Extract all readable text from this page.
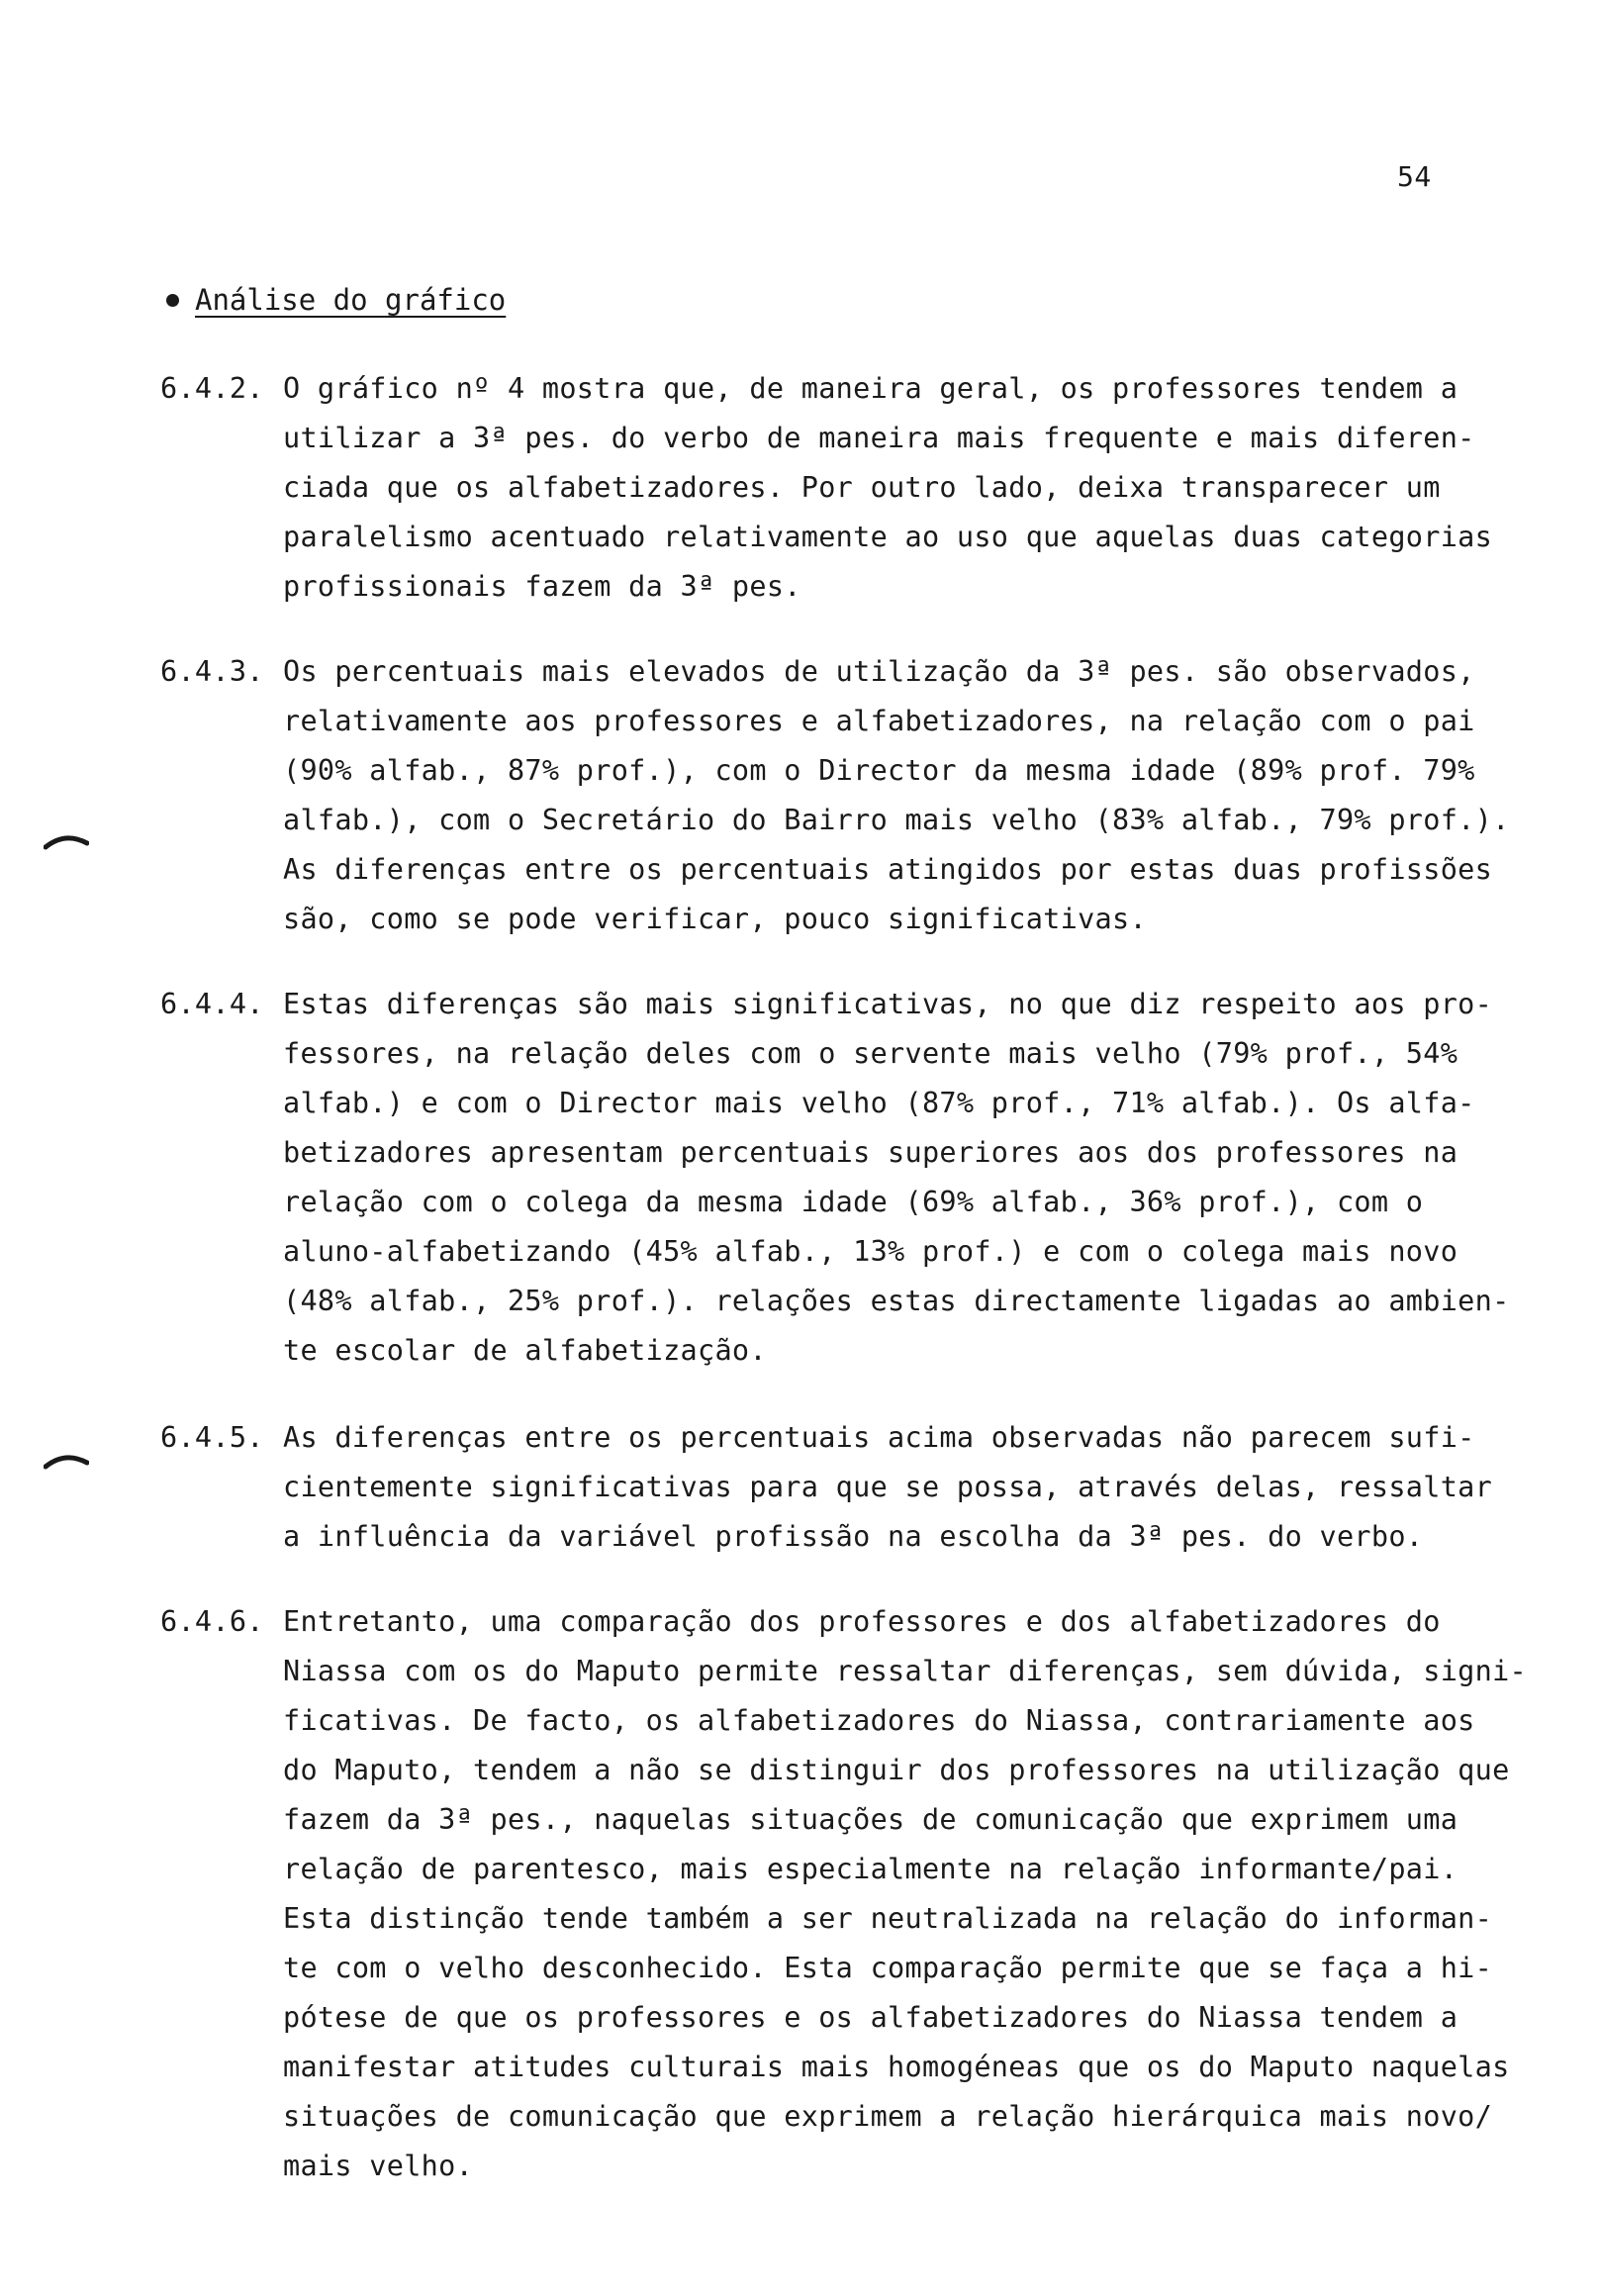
54
Análise do gráfico
6.4.2. O gráfico nº 4 mostra que, de maneira geral, os professores tendem a
utilizar a 3ª pes. do verbo de maneira mais frequente e mais diferen-
ciada que os alfabetizadores. Por outro lado, deixa transparecer um
paralelismo acentuado relativamente ao uso que aquelas duas categorias
profissionais fazem da 3ª pes.
6.4.3. Os percentuais mais elevados de utilização da 3ª pes. são observados,
relativamente aos professores e alfabetizadores, na relação com o pai
(90% alfab., 87% prof.), com o Director da mesma idade (89% prof. 79%
alfab.), com o Secretário do Bairro mais velho (83% alfab., 79% prof.).
As diferenças entre os percentuais atingidos por estas duas profissões
são, como se pode verificar, pouco significativas.
6.4.4. Estas diferenças são mais significativas, no que diz respeito aos pro-
fessores, na relação deles com o servente mais velho (79% prof., 54%
alfab.) e com o Director mais velho (87% prof., 71% alfab.). Os alfa-
betizadores apresentam percentuais superiores aos dos professores na
relação com o colega da mesma idade (69% alfab., 36% prof.), com o
aluno-alfabetizando (45% alfab., 13% prof.) e com o colega mais novo
(48% alfab., 25% prof.). relações estas directamente ligadas ao ambien-
te escolar de alfabetização.
6.4.5. As diferenças entre os percentuais acima observadas não parecem sufi-
cientemente significativas para que se possa, através delas, ressaltar
a influência da variável profissão na escolha da 3ª pes. do verbo.
6.4.6. Entretanto, uma comparação dos professores e dos alfabetizadores do
Niassa com os do Maputo permite ressaltar diferenças, sem dúvida, signi-
ficativas. De facto, os alfabetizadores do Niassa, contrariamente aos
do Maputo, tendem a não se distinguir dos professores na utilização que
fazem da 3ª pes., naquelas situações de comunicação que exprimem uma
relação de parentesco, mais especialmente na relação informante/pai.
Esta distinção tende também a ser neutralizada na relação do informan-
te com o velho desconhecido. Esta comparação permite que se faça a hi-
pótese de que os professores e os alfabetizadores do Niassa tendem a
manifestar atitudes culturais mais homogéneas que os do Maputo naquelas
situações de comunicação que exprimem a relação hierárquica mais novo/
mais velho.
